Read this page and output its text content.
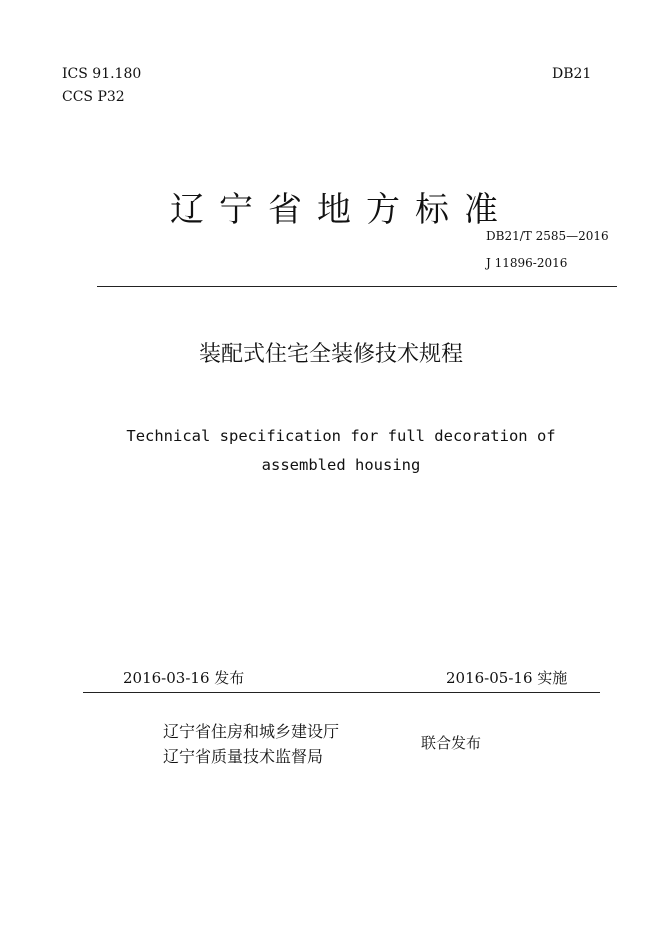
ICS 91.180
CCS P32
DB21
辽宁省地方标准
DB21/T 2585—2016
J 11896-2016
装配式住宅全装修技术规程
Technical specification for full decoration of assembled housing
2016-03-16 发布	2016-05-16 实施
辽宁省住房和城乡建设厅
辽宁省质量技术监督局
联合发布
